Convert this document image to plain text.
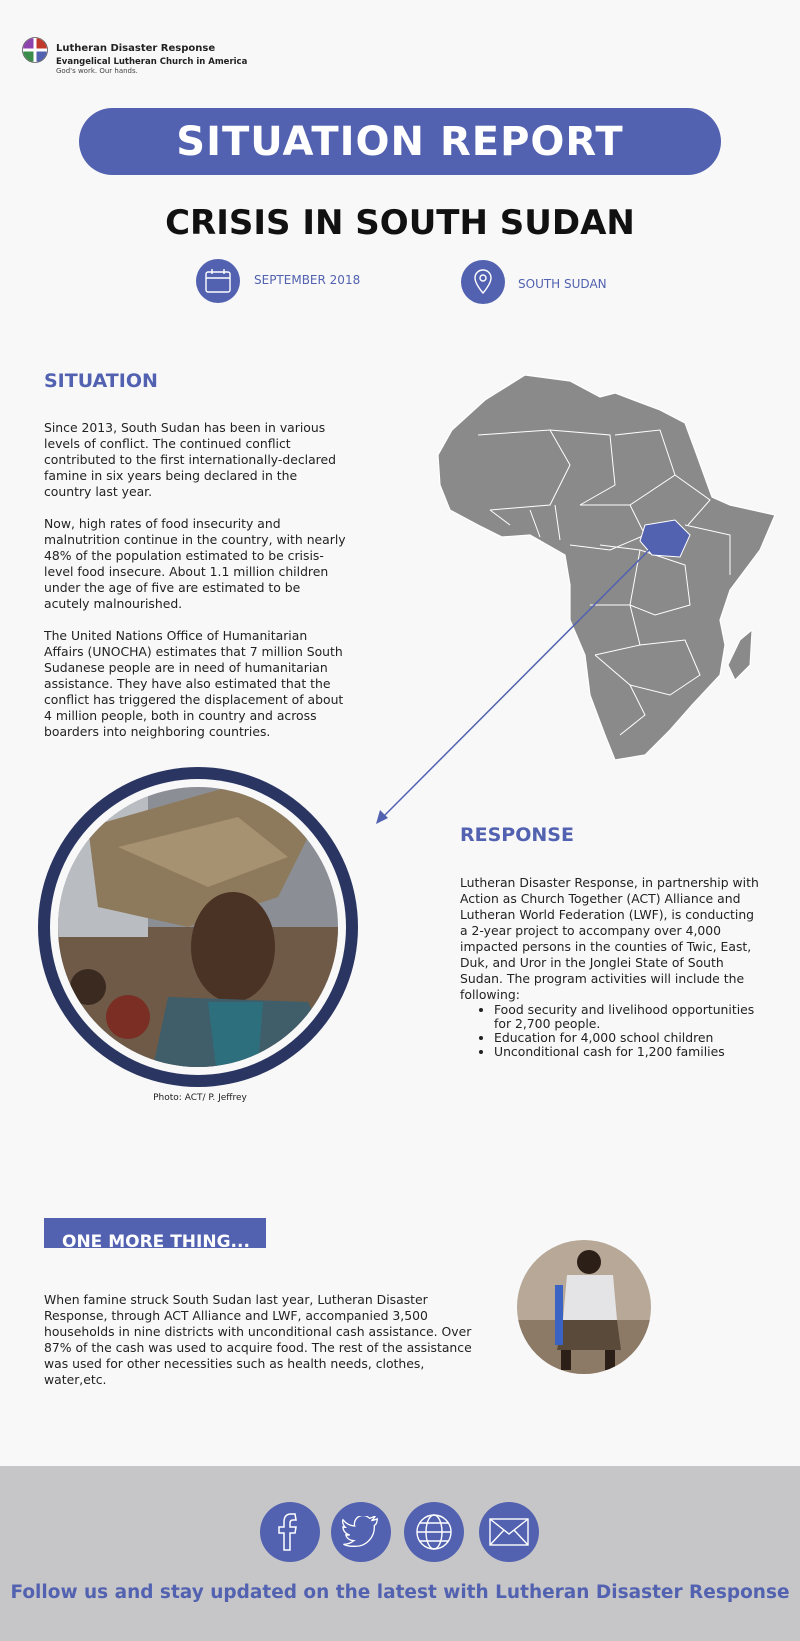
Lutheran Disaster Response
Evangelical Lutheran Church in America
God's work. Our hands.
SITUATION REPORT
CRISIS IN SOUTH SUDAN
SEPTEMBER 2018	SOUTH SUDAN
SITUATION

Since 2013, South Sudan has been in various levels of conflict. The continued conflict contributed to the first internationally-declared famine in six years being declared in the country last year.

Now, high rates of food insecurity and malnutrition continue in the country, with nearly 48% of the population estimated to be crisis-level food insecure. About 1.1 million children under the age of five are estimated to be acutely malnourished.

The United Nations Office of Humanitarian Affairs (UNOCHA) estimates that 7 million South Sudanese people are in need of humanitarian assistance. They have also estimated that the conflict has triggered the displacement of about 4 million people, both in country and across boarders into neighboring countries.

Photo: ACT/ P. Jeffrey
RESPONSE
Lutheran Disaster Response, in partnership with Action as Church Together (ACT) Alliance and Lutheran World Federation (LWF), is conducting a 2-year project to accompany over 4,000 impacted persons in the counties of Twic, East, Duk, and Uror in the Jonglei State of South Sudan. The program activities will include the following:
• Food security and livelihood opportunities for 2,700 people.
• Education for 4,000 school children
• Unconditional cash for 1,200 families
ONE MORE THING...
When famine struck South Sudan last year, Lutheran Disaster Response, through ACT Alliance and LWF, accompanied 3,500 households in nine districts with unconditional cash assistance. Over 87% of the cash was used to acquire food. The rest of the assistance was used for other necessities such as health needs, clothes, water,etc.
Follow us and stay updated on the latest with Lutheran Disaster Response
